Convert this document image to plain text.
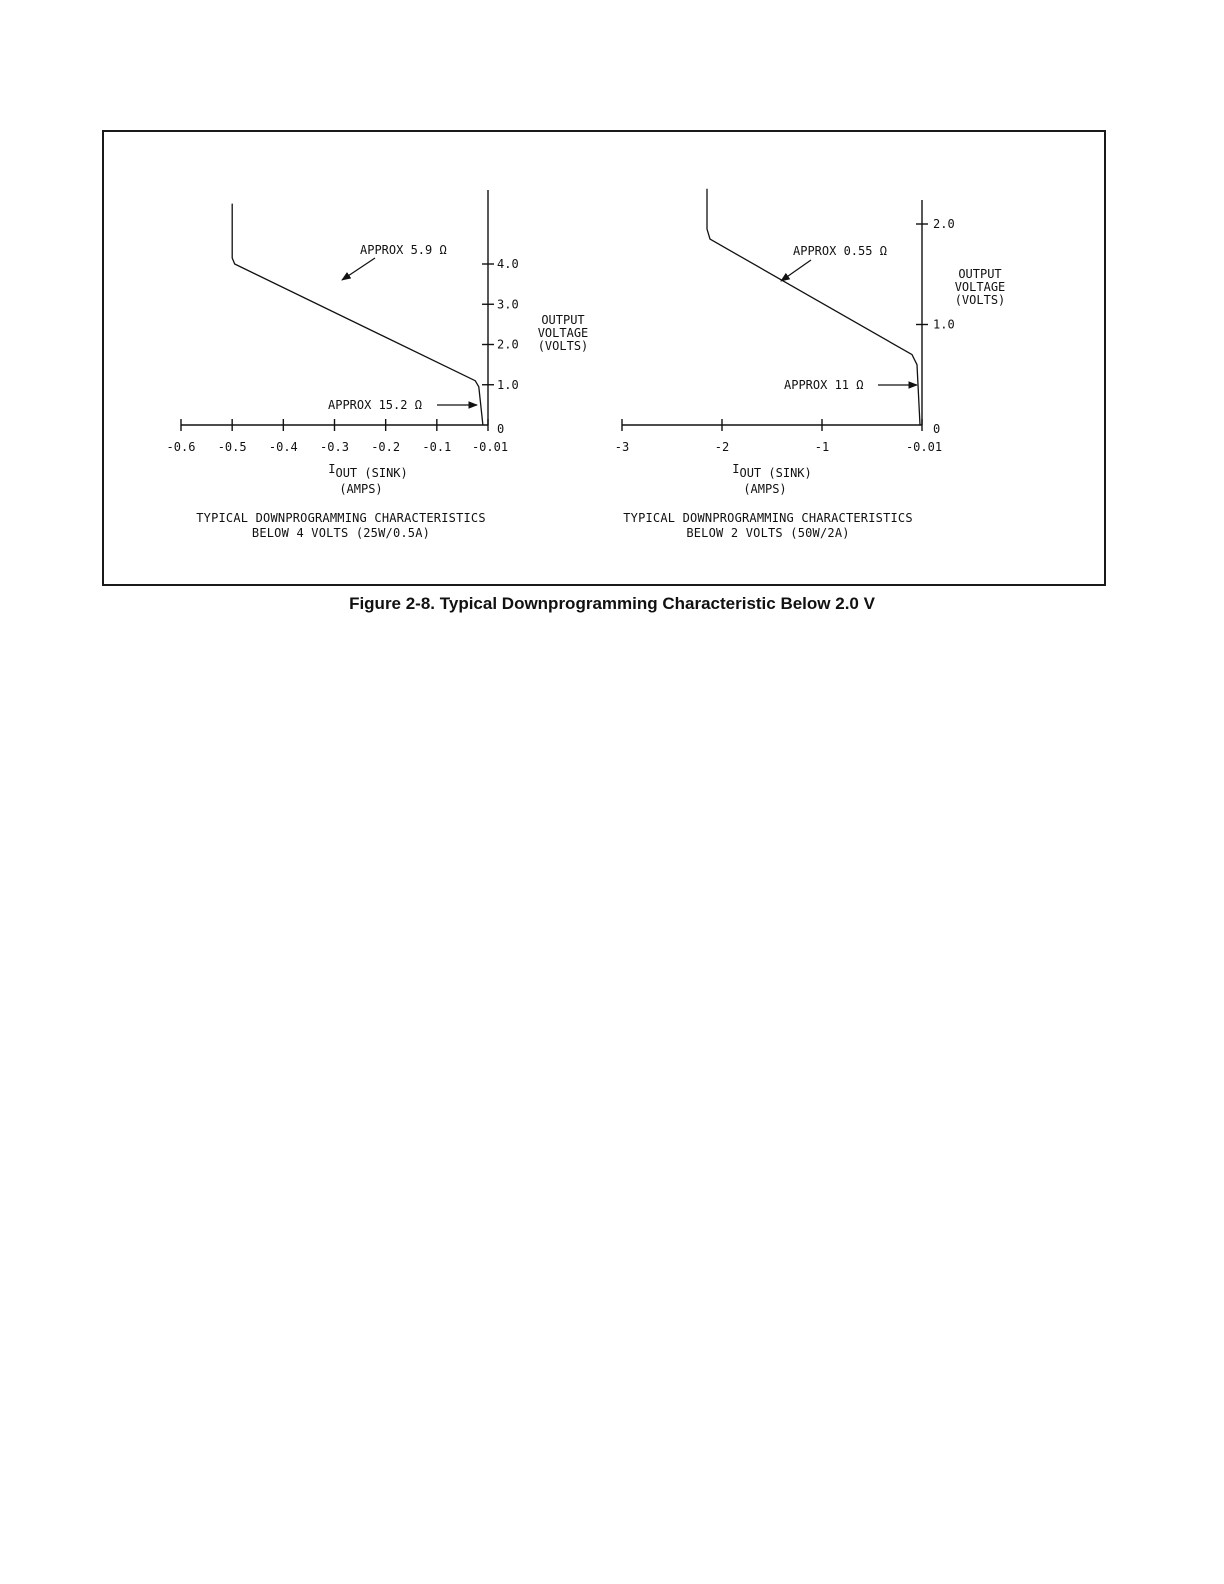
-0.6 -0.5 -0.4 -0.3 -0.2 -0.1 -0.01
0
1.0
2.0
3.0
4.0
OUTPUT
VOLTAGE
(VOLTS)
IOUT (SINK)
(AMPS)
APPROX 5.9 Ω
APPROX 15.2 Ω
TYPICAL DOWNPROGRAMMING CHARACTERISTICS
BELOW 4 VOLTS (25W/0.5A)
-3	-2	-1	-0.01
0
1.0
2.0
OUTPUT
VOLTAGE
(VOLTS)
IOUT (SINK)
(AMPS)
APPROX 0.55 Ω
APPROX 11 Ω
TYPICAL DOWNPROGRAMMING CHARACTERISTICS
BELOW 2 VOLTS (50W/2A)
Figure 2-8. Typical Downprogramming Characteristic Below 2.0 V
